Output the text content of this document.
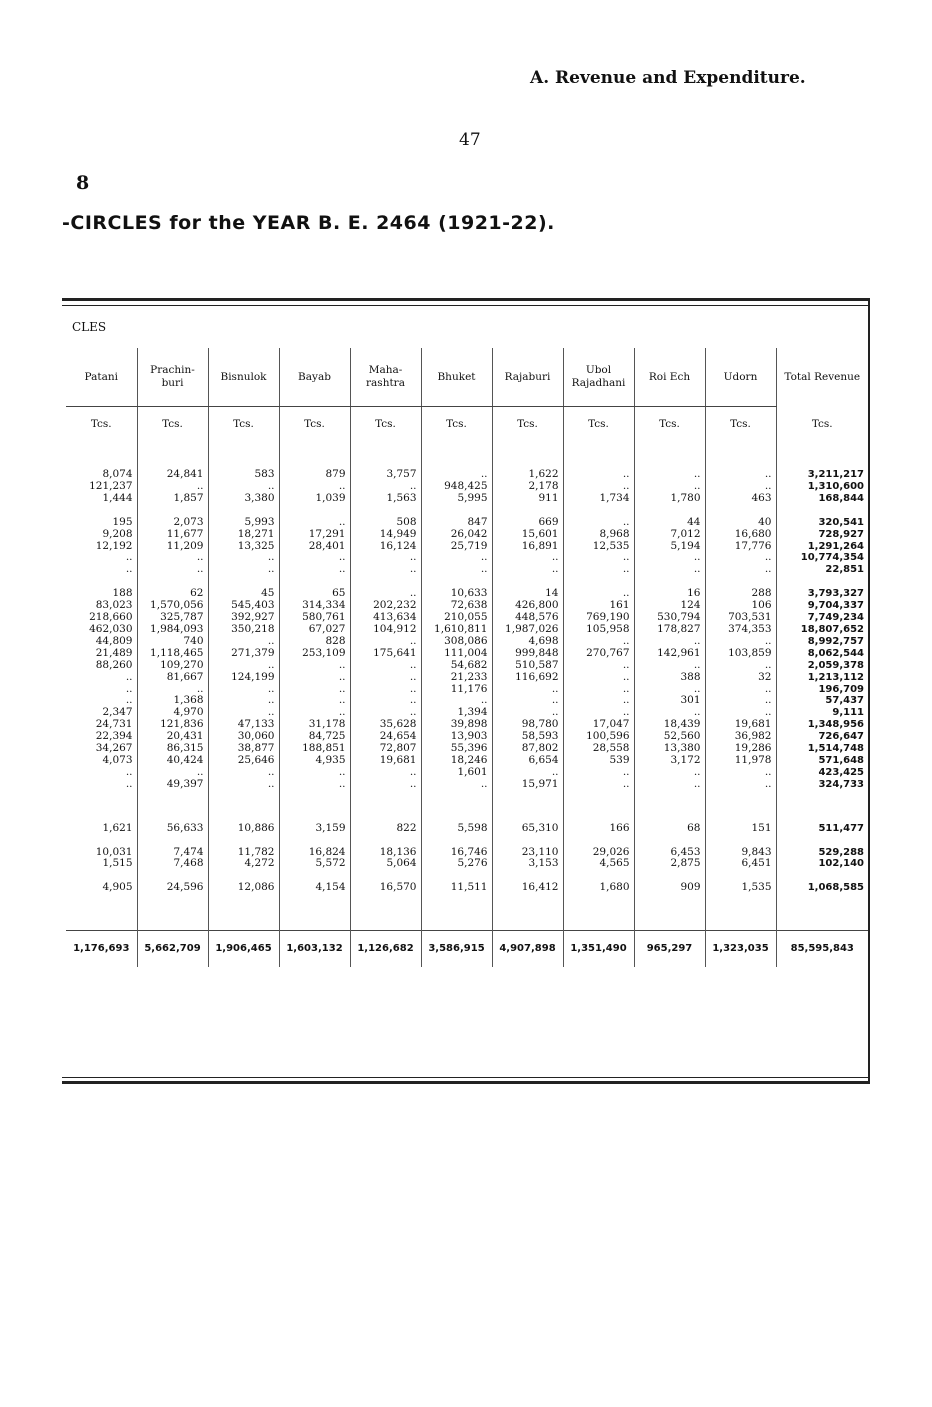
A. Revenue and Expenditure.
47
8
-CIRCLES for the YEAR B. E. 2464 (1921-22).
CLES
Patani	Prachin-buri	Bisnulok	Bayab	Maha-rashtra	Bhuket	Rajaburi	Ubol Rajadhani	Roi Ech	Udorn	Total Revenue
Tcs.	Tcs.	Tcs.	Tcs.	Tcs.	Tcs.	Tcs.	Tcs.	Tcs.	Tcs.	Tcs.

8,074	24,841	583	879	3,757	..	1,622	..	..	..	3,211,217
121,237	..	..	..	..	948,425	2,178	..	..	..	1,310,600
1,444	1,857	3,380	1,039	1,563	5,995	911	1,734	1,780	463	168,844

195	2,073	5,993	..	508	847	669	..	44	40	320,541
9,208	11,677	18,271	17,291	14,949	26,042	15,601	8,968	7,012	16,680	728,927
12,192	11,209	13,325	28,401	16,124	25,719	16,891	12,535	5,194	17,776	1,291,264
..	..	..	..	..	..	..	..	..	..	10,774,354
..	..	..	..	..	..	..	..	..	..	22,851

188	62	45	65	..	10,633	14	..	16	288	3,793,327
83,023	1,570,056	545,403	314,334	202,232	72,638	426,800	161	124	106	9,704,337
218,660	325,787	392,927	580,761	413,634	210,055	448,576	769,190	530,794	703,531	7,749,234
462,030	1,984,093	350,218	67,027	104,912	1,610,811	1,987,026	105,958	178,827	374,353	18,807,652
44,809	740	..	828	..	308,086	4,698	..	..	..	8,992,757
21,489	1,118,465	271,379	253,109	175,641	111,004	999,848	270,767	142,961	103,859	8,062,544
88,260	109,270	..	..	..	54,682	510,587	..	..	..	2,059,378
..	81,667	124,199	..	..	21,233	116,692	..	388	32	1,213,112
..	..	..	..	..	11,176	..	..	..	..	196,709
..	1,368	..	..	..	..	..	..	301	..	57,437
2,347	4,970	..	..	..	1,394	..	..	..	..	9,111
24,731	121,836	47,133	31,178	35,628	39,898	98,780	17,047	18,439	19,681	1,348,956
22,394	20,431	30,060	84,725	24,654	13,903	58,593	100,596	52,560	36,982	726,647
34,267	86,315	38,877	188,851	72,807	55,396	87,802	28,558	13,380	19,286	1,514,748
4,073	40,424	25,646	4,935	19,681	18,246	6,654	539	3,172	11,978	571,648
..	..	..	..	..	1,601	..	..	..	..	423,425
..	49,397	..	..	..	..	15,971	..	..	..	324,733

1,621	56,633	10,886	3,159	822	5,598	65,310	166	68	151	511,477

10,031	7,474	11,782	16,824	18,136	16,746	23,110	29,026	6,453	9,843	529,288
1,515	7,468	4,272	5,572	5,064	5,276	3,153	4,565	2,875	6,451	102,140

4,905	24,596	12,086	4,154	16,570	11,511	16,412	1,680	909	1,535	1,068,585

1,176,693	5,662,709	1,906,465	1,603,132	1,126,682	3,586,915	4,907,898	1,351,490	965,297	1,323,035	85,595,843
